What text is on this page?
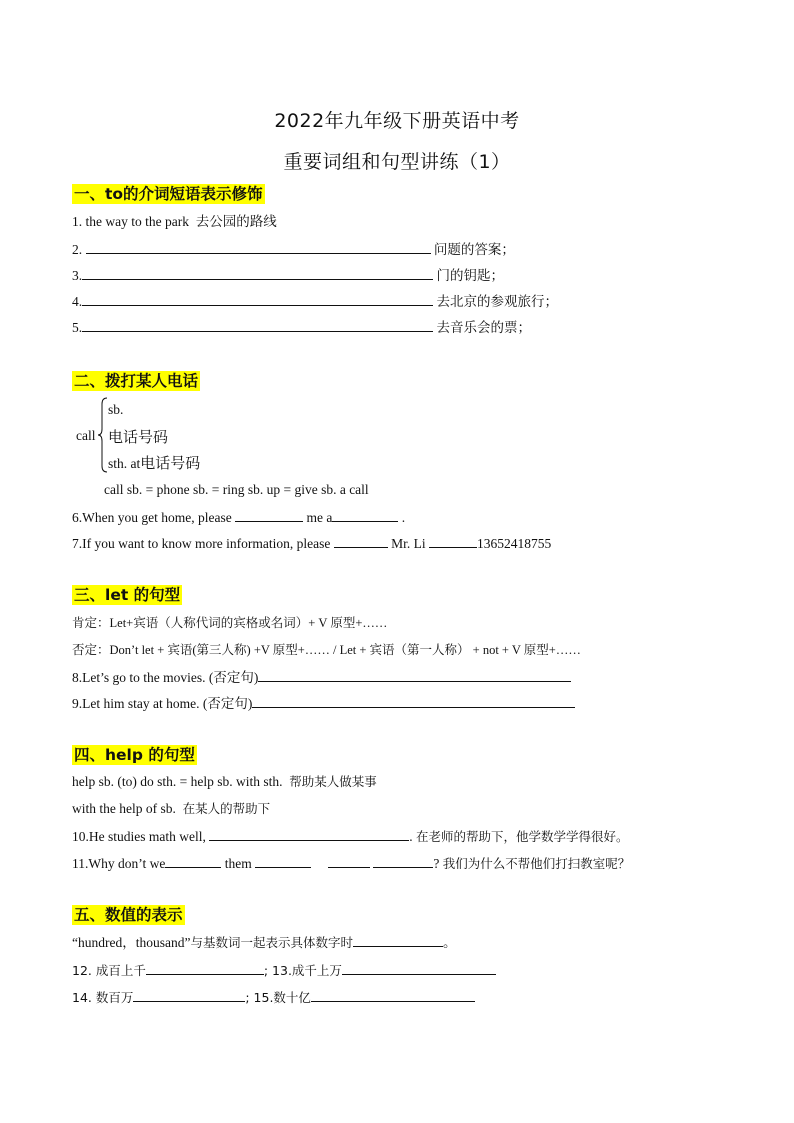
2022年九年级下册英语中考
重要词组和句型讲练（1）
一、to的介词短语表示修饰
1. the way to the park 去公园的路线
2.	问题的答案；
3.	门的钥匙；
4.	去北京的参观旅行；
5.	去音乐会的票；
二、拨打某人电话
call
sb.
电话号码
sth. at电话号码
call sb. = phone sb. = ring sb. up = give sb. a call
6.When you get home, please	me a	.
7.If you want to know more information, please	Mr. Li	13652418755
三、let 的句型
肯定：Let+宾语（人称代词的宾格或名词）+ V 原型+……
否定：Don’t let + 宾语(第三人称) +V 原型+…… / Let + 宾语（第一人称） + not + V 原型+……
8.Let’s go to the movies. (否定句)
9.Let him stay at home. (否定句)
四、help 的句型
help sb. (to) do sth. = help sb. with sth. 帮助某人做某事
with the help of sb. 在某人的帮助下
10.He studies math well,	. 在老师的帮助下，他学数学学得很好。
11.Why don’t we	them	? 我们为什么不帮他们打扫教室呢？
五、数值的表示
“hundred，thousand”与基数词一起表示具体数字时	。
12. 成百上千	; 13.成千上万
14. 数百万	; 15.数十亿
